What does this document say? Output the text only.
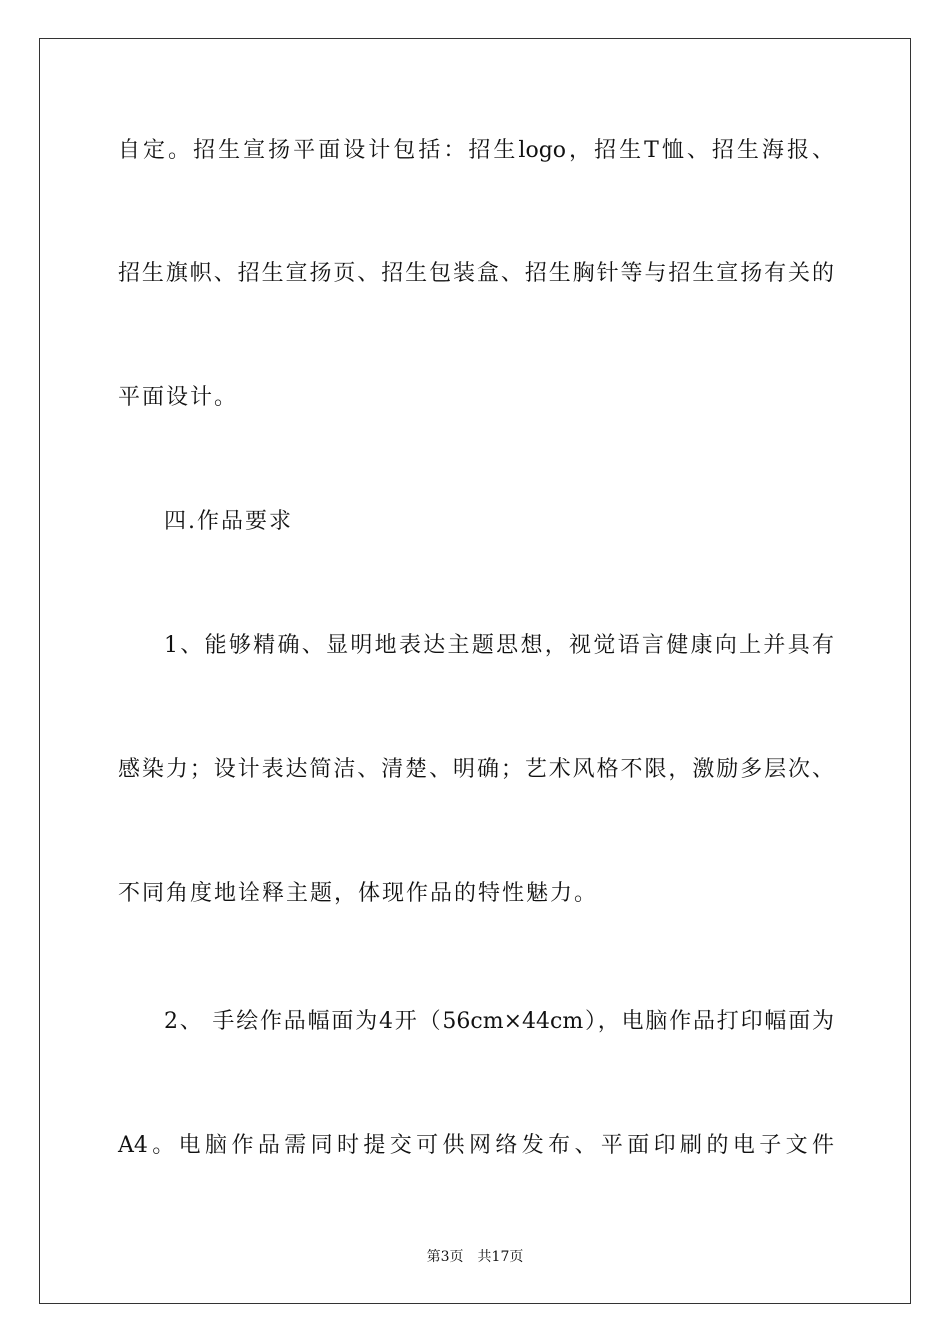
自定。招生宣扬平面设计包括：招生logo，招生T恤、招生海报、
招生旗帜、招生宣扬页、招生包装盒、招生胸针等与招生宣扬有关的
平面设计。
四.作品要求
1、能够精确、显明地表达主题思想，视觉语言健康向上并具有
感染力；设计表达简洁、清楚、明确；艺术风格不限，激励多层次、
不同角度地诠释主题，体现作品的特性魅力。
2、 手绘作品幅面为4开（56cm×44cm），电脑作品打印幅面为
A4。电脑作品需同时提交可供网络发布、平面印刷的电子文件
第3页 共17页
